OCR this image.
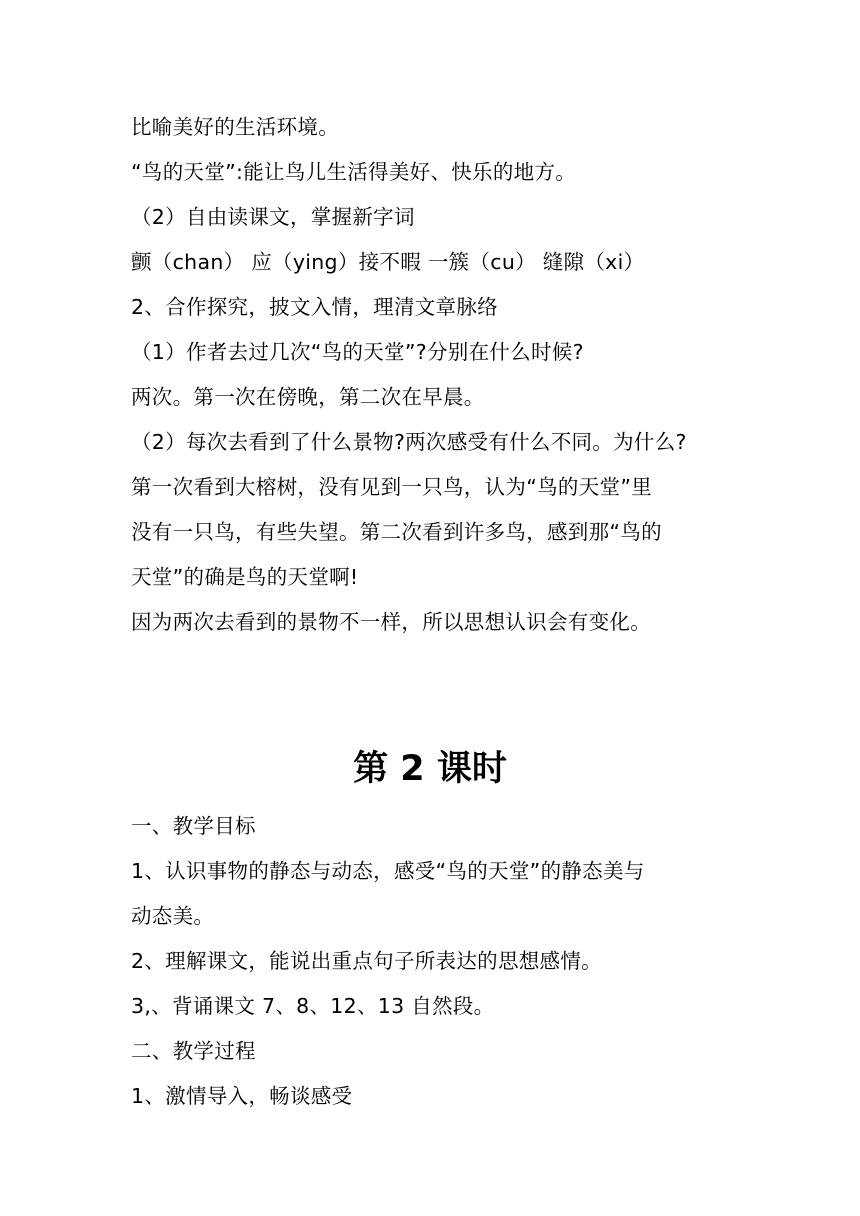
比喻美好的生活环境。
“鸟的天堂”:能让鸟儿生活得美好、快乐的地方。
（2）自由读课文，掌握新字词
颤（chan） 应（ying）接不暇 一簇（cu） 缝隙（xi）
2、合作探究，披文入情，理清文章脉络
（1）作者去过几次“鸟的天堂”?分别在什么时候?
两次。第一次在傍晚，第二次在早晨。
（2）每次去看到了什么景物?两次感受有什么不同。为什么?
第一次看到大榕树，没有见到一只鸟，认为“鸟的天堂”里
没有一只鸟，有些失望。第二次看到许多鸟，感到那“鸟的
天堂”的确是鸟的天堂啊!
因为两次去看到的景物不一样，所以思想认识会有变化。
第 2 课时
一、教学目标
1、认识事物的静态与动态，感受“鸟的天堂”的静态美与
动态美。
2、理解课文，能说出重点句子所表达的思想感情。
3,、背诵课文 7、8、12、13 自然段。
二、教学过程
1、激情导入，畅谈感受
